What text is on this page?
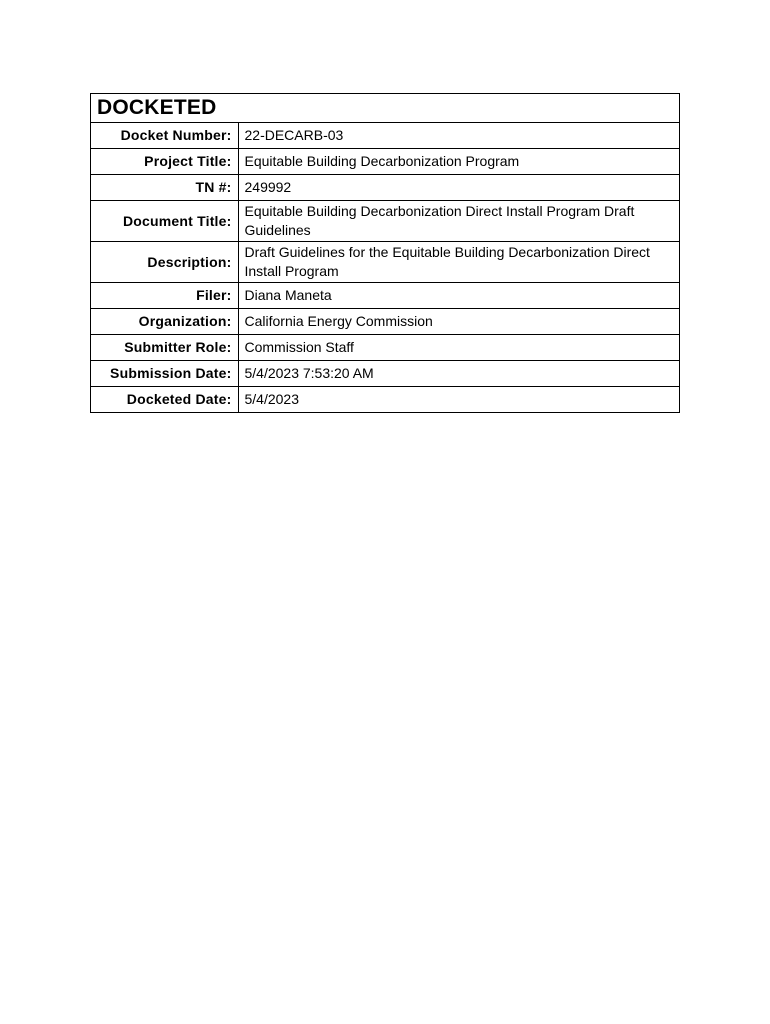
DOCKETED
Docket Number:	22-DECARB-03
Project Title:	Equitable Building Decarbonization Program
TN #:	249992
Document Title:	Equitable Building Decarbonization Direct Install Program Draft Guidelines
Description:	Draft Guidelines for the Equitable Building Decarbonization Direct Install Program
Filer:	Diana Maneta
Organization:	California Energy Commission
Submitter Role:	Commission Staff
Submission Date:	5/4/2023 7:53:20 AM
Docketed Date:	5/4/2023
